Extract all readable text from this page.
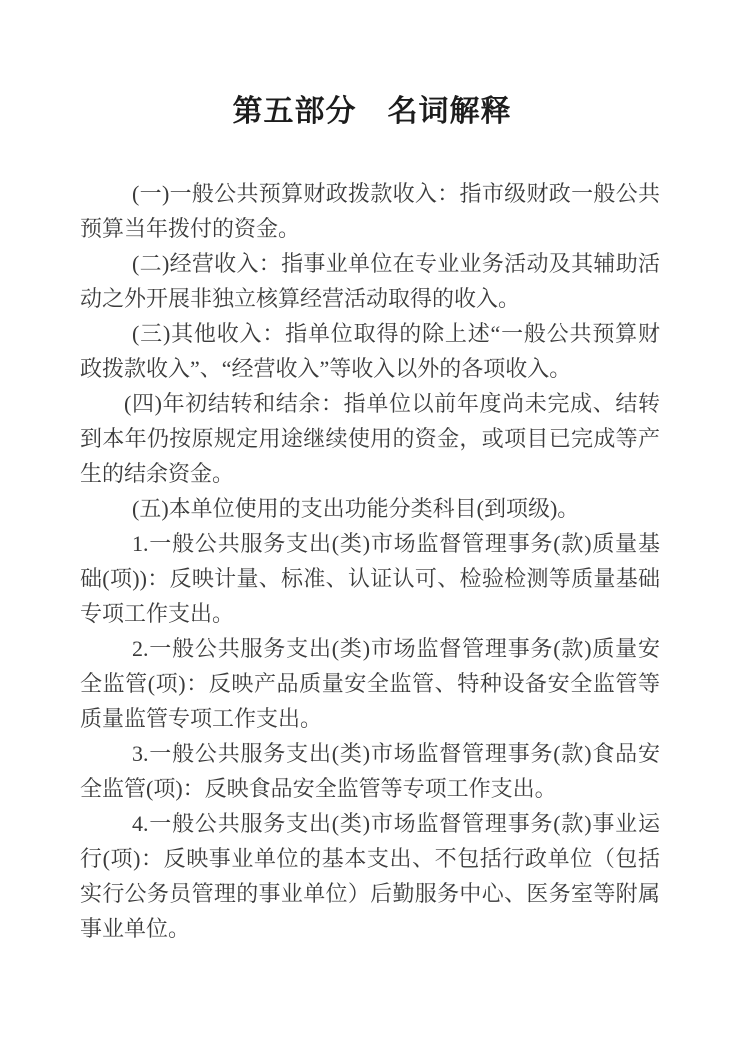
第五部分　名词解释

(一)一般公共预算财政拨款收入：指市级财政一般公共预算当年拨付的资金。

(二)经营收入：指事业单位在专业业务活动及其辅助活动之外开展非独立核算经营活动取得的收入。

(三)其他收入：指单位取得的除上述“一般公共预算财政拨款收入”、“经营收入”等收入以外的各项收入。

(四)年初结转和结余：指单位以前年度尚未完成、结转到本年仍按原规定用途继续使用的资金，或项目已完成等产生的结余资金。

(五)本单位使用的支出功能分类科目(到项级)。

1.一般公共服务支出(类)市场监督管理事务(款)质量基础(项))：反映计量、标准、认证认可、检验检测等质量基础专项工作支出。

2.一般公共服务支出(类)市场监督管理事务(款)质量安全监管(项)：反映产品质量安全监管、特种设备安全监管等质量监管专项工作支出。

3.一般公共服务支出(类)市场监督管理事务(款)食品安全监管(项)：反映食品安全监管等专项工作支出。

4.一般公共服务支出(类)市场监督管理事务(款)事业运行(项)：反映事业单位的基本支出、不包括行政单位（包括实行公务员管理的事业单位）后勤服务中心、医务室等附属事业单位。
